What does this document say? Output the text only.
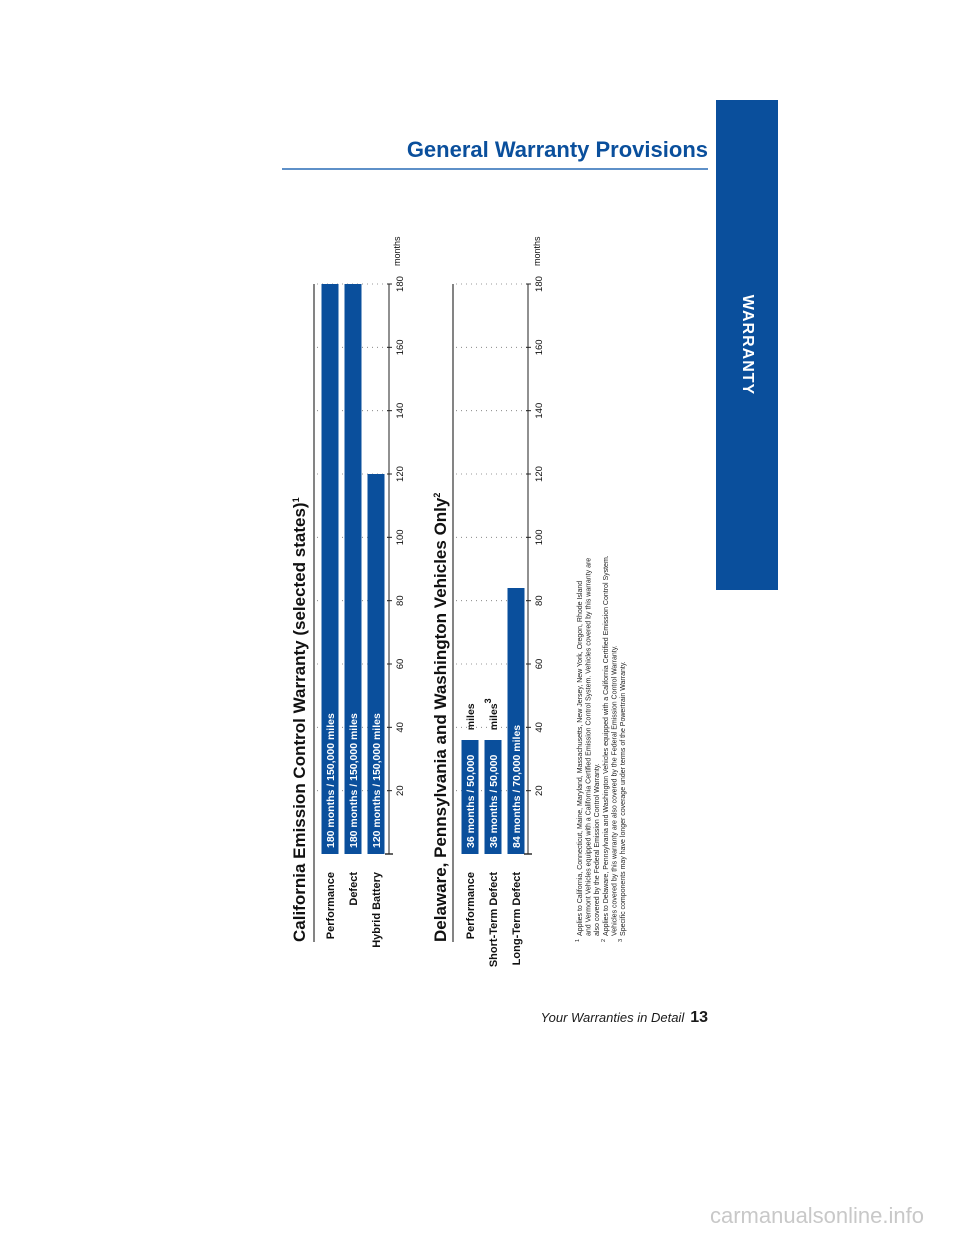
WARRANTY
General Warranty Provisions
California Emission Control Warranty (selected states)$^1$
Performance
180 months / 150,000 miles
Defect
180 months / 150,000 miles
Hybrid Battery
120 months / 150,000 miles 20
40
60
80
100
120
140
160
180
months
Delaware, Pennsylvania and Washington Vehicles Only$^2$
Performance
36 months / 50,000
miles
Short-Term Defect
36 months / 50,000
miles3
Long-Term Defect
84 months / 70,000 miles 20
40
60
80
100
120
140
160
180
months
$^1$Applies to California, Connecticut, Maine, Maryland, Massachusetts, New Jersey, New York, Oregon, Rhode Island and Vermont Vehicles equipped with a California Certified Emission Control System. Vehicles covered by this warranty are also covered by the Federal Emission Control Warranty.
$^2$Applies to Delaware, Pennsylvania and Washington Vehicles equipped with a California Certified Emission Control System. Vehicles covered by this warranty are also covered by the Federal Emission Control Warranty.
$^3$Specific components may have longer coverage under terms of the Powertrain Warranty.
Your Warranties in Detail 13
carmanualsonline.info
